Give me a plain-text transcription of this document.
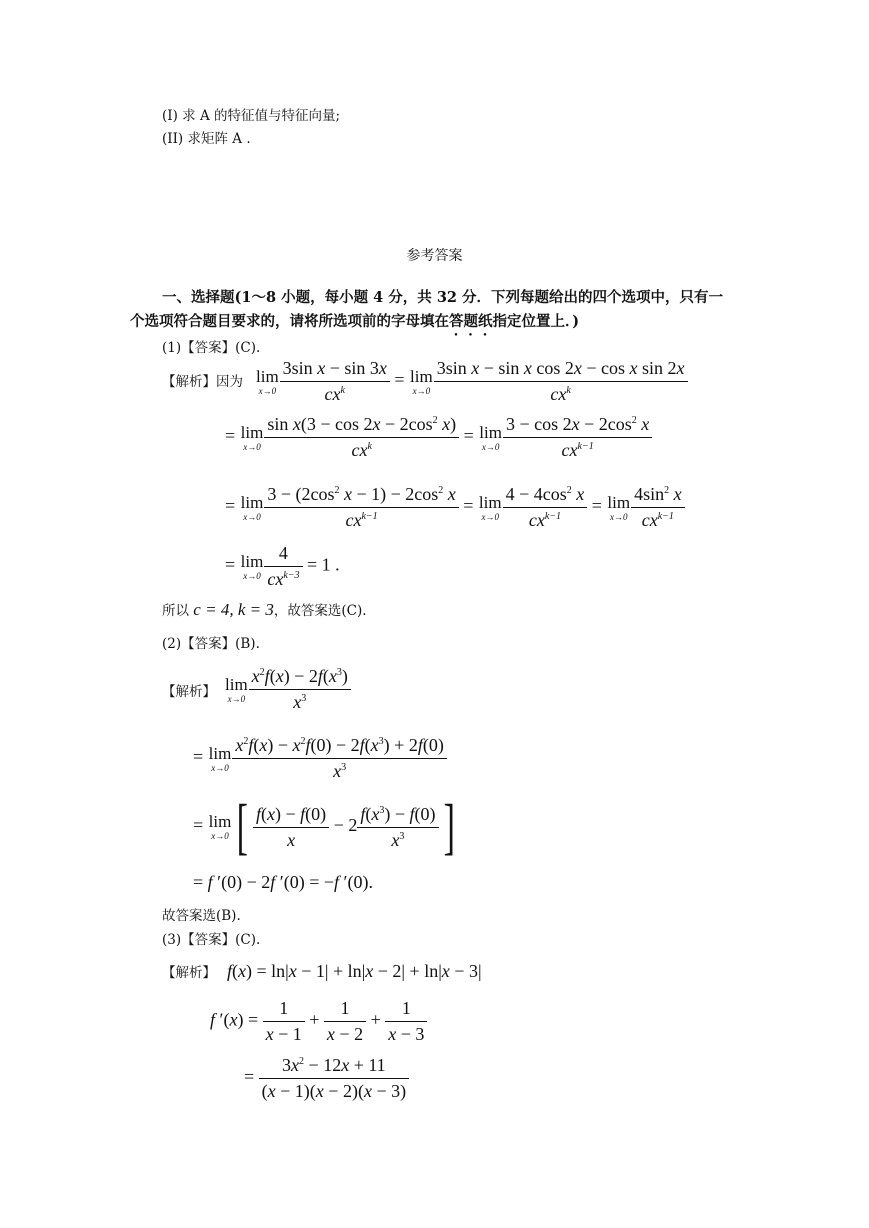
(I) 求 A 的特征值与特征向量;
(II) 求矩阵 A .
参考答案
一、选择题(1～8 小题，每小题 4 分，共 32 分．下列每题给出的四个选项中，只有一
个选项符合题目要求的，请将所选项前的字母填在答题纸指定位置上．)
(1)【答案】(C).
【解析】因为 lim
$x\to 0 \frac{\text{3sin x − sin 3x}}{cx^k} = \lim$
$x\to 0 \frac{\text{3sin x − sin x cos 2x − cos x sin 2x}}{cx^k}$
= lim
$x\to 0 \frac{\sin x(3 - \cos 2x - 2\cos^2 x)}{cx^k} = \lim$
$x\to 0 \frac{3 - \cos 2x - 2\cos^2 x}{cx^{k-1}}$
= lim
$x\to 0 \frac{3 - (2\cos^2 x - 1) - 2\cos^2 x}{cx^{k-1}} = \lim$
$x\to 0 \frac{4 - 4\cos^2 x}{cx^{k-1}} = \lim$
$x\to 0 \frac{4\sin^2 x}{cx^{k-1}}$
= lim
$x\to 0 \frac{4}{cx^{k-3}} = 1$ .
所以 c = 4, k = 3，故答案选(C).
(2)【答案】(B).
【解析】 lim
$x\to 0 \frac{x^2f(x) - 2f(x^3)}{x^3}$
= lim
$x\to 0 \frac{x^2f(x) - x^2f(0) - 2f(x^3) + 2f(0)}{x^3}$
= lim
x→0 [ $\frac{f(x) - f(0)}{x} - 2 \frac{f(x^3) - f(0)}{x^3}$ ]
= f ′(0) − 2f ′(0) = −f ′(0).
故答案选(B).
(3)【答案】(C).
【解析】 f(x) = ln|x − 1| + ln|x − 2| + ln|x − 3|
f $'(x) = \frac{1}{x - 1} + \frac{1}{x - 2} + \frac{1}{x - 3}$
= $\frac{3x^2 - 12x + 11}{(x - 1)(x - 2)(x - 3)}$
